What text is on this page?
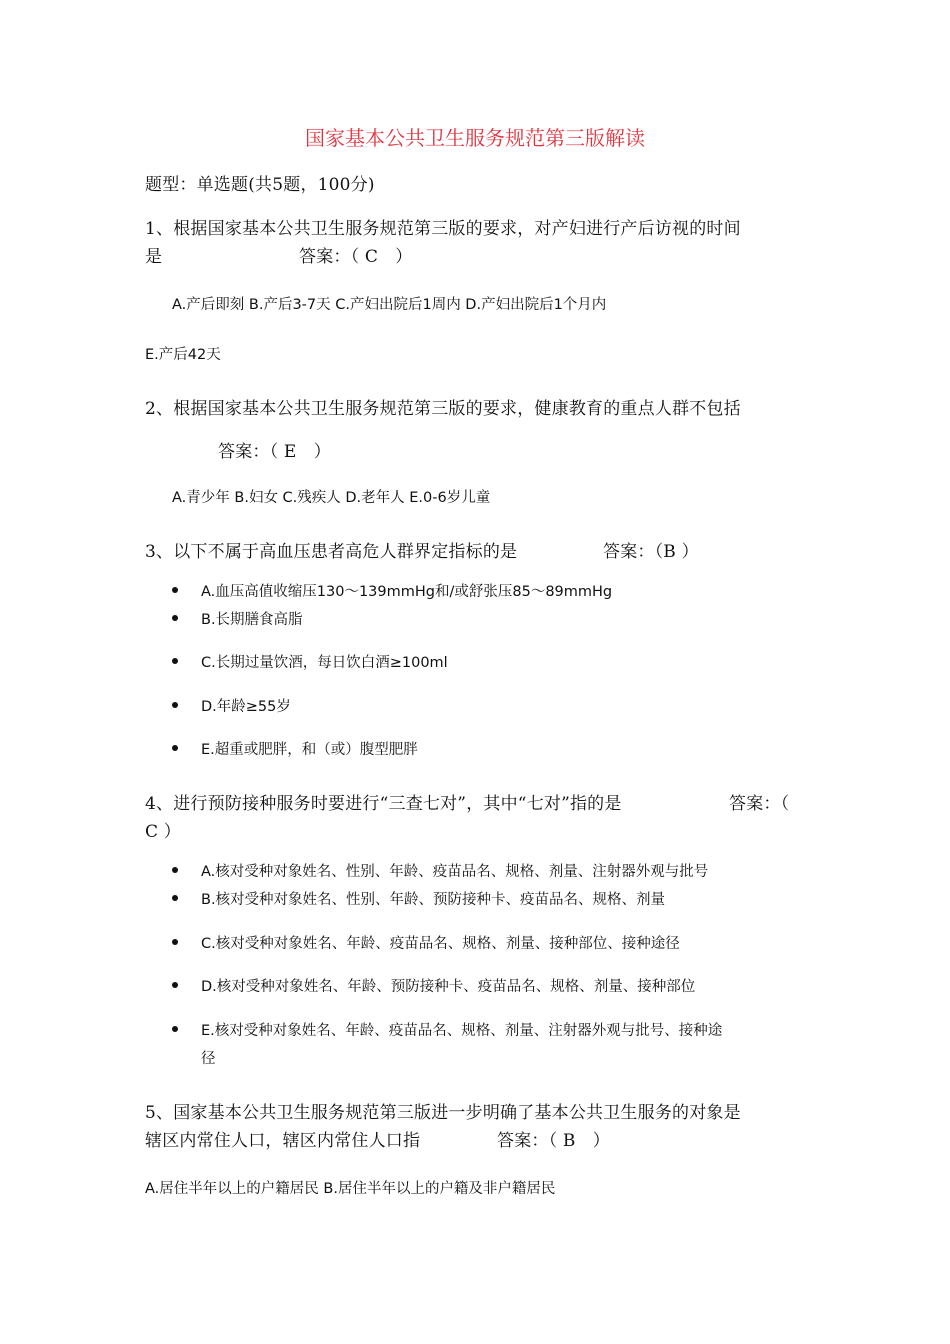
国家基本公共卫生服务规范第三版解读
题型：单选题(共5题，100分)
1、根据国家基本公共卫生服务规范第三版的要求，对产妇进行产后访视的时间
是	答案：（ C　）
A.产后即刻 B.产后3-7天 C.产妇出院后1周内 D.产妇出院后1个月内
E.产后42天
2、根据国家基本公共卫生服务规范第三版的要求，健康教育的重点人群不包括
答案：（ E　）
A.青少年 B.妇女 C.残疾人 D.老年人 E.0-6岁儿童
3、以下不属于高血压患者高危人群界定指标的是	答案：（B ）
A.血压高值收缩压130～139mmHg和/或舒张压85～89mmHg
B.长期膳食高脂
C.长期过量饮酒，每日饮白酒≥100ml
D.年龄≥55岁
E.超重或肥胖，和（或）腹型肥胖
4、进行预防接种服务时要进行“三查七对”，其中“七对”指的是	答案：（
C ）
A.核对受种对象姓名、性别、年龄、疫苗品名、规格、剂量、注射器外观与批号
B.核对受种对象姓名、性别、年龄、预防接种卡、疫苗品名、规格、剂量
C.核对受种对象姓名、年龄、疫苗品名、规格、剂量、接种部位、接种途径
D.核对受种对象姓名、年龄、预防接种卡、疫苗品名、规格、剂量、接种部位
E.核对受种对象姓名、年龄、疫苗品名、规格、剂量、注射器外观与批号、接种途
径
5、国家基本公共卫生服务规范第三版进一步明确了基本公共卫生服务的对象是
辖区内常住人口，辖区内常住人口指	答案：（ B　）
A.居住半年以上的户籍居民 B.居住半年以上的户籍及非户籍居民
